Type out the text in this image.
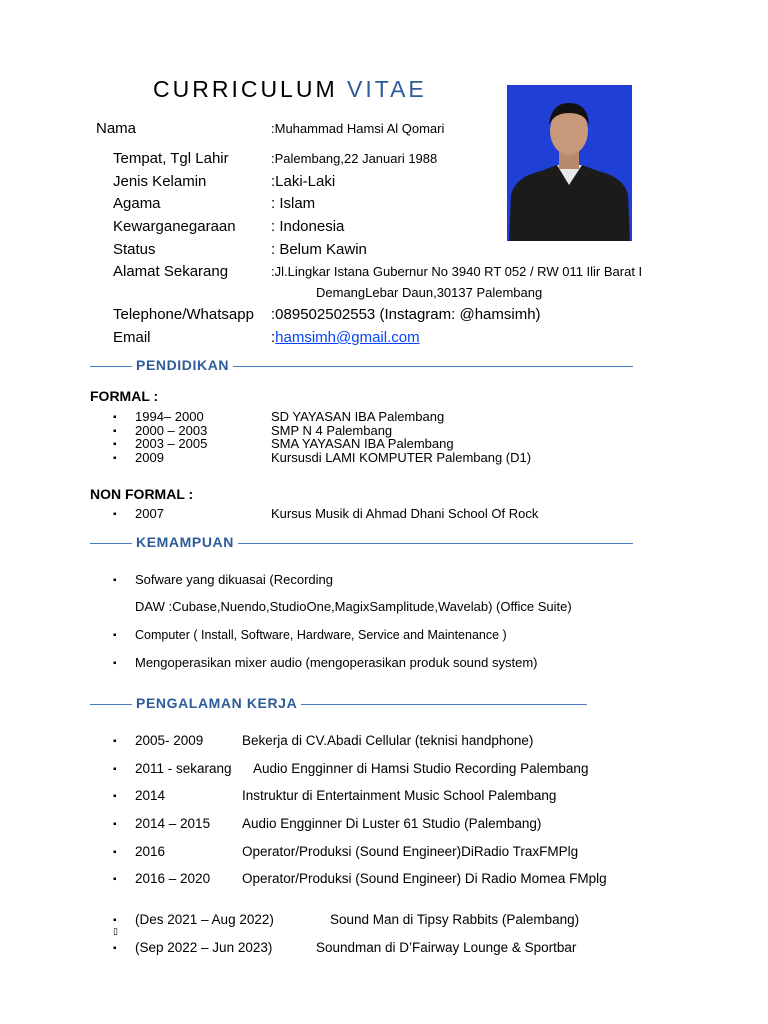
CURRICULUM VITAE
Nama	:Muhammad Hamsi Al Qomari
Tempat, Tgl Lahir	:Palembang,22 Januari 1988
Jenis Kelamin	:Laki-Laki
Agama	: Islam
Kewarganegaraan : Indonesia
Status	: Belum Kawin
Alamat Sekarang	:Jl.Lingkar Istana Gubernur No 3940 RT 052 / RW 011 Ilir Barat I
DemangLebar Daun,30137 Palembang
Telephone/Whatsapp :089502502553 (Instagram: @hamsimh)
Email	:hamsimh@gmail.com
PENDIDIKAN
FORMAL :
▪ 1994– 2000	SD YAYASAN IBA Palembang
▪ 2000 – 2003	SMP N 4 Palembang
▪ 2003 – 2005	SMA YAYASAN IBA Palembang
▪ 2009	Kursusdi LAMI KOMPUTER Palembang (D1)
NON FORMAL :
▪ 2007	Kursus Musik di Ahmad Dhani School Of Rock
KEMAMPUAN
▪ Sofware yang dikuasai (Recording
DAW :Cubase,Nuendo,StudioOne,MagixSamplitude,Wavelab) (Office Suite)
▪ Computer ( Install, Software, Hardware, Service and Maintenance )
▪ Mengoperasikan mixer audio (mengoperasikan produk sound system)
PENGALAMAN KERJA
▪ 2005- 2009	Bekerja di CV.Abadi Cellular (teknisi handphone)
▪ 2011 - sekarang Audio Engginner di Hamsi Studio Recording Palembang
▪ 2014	Instruktur di Entertainment Music School Palembang
▪ 2014 – 2015 Audio Engginner Di Luster 61 Studio (Palembang)
▪ 2016	Operator/Produksi (Sound Engineer)DiRadio TraxFMPlg
▪ 2016 – 2020 Operator/Produksi (Sound Engineer) Di Radio Momea FMplg
▪ (Des 2021 – Aug 2022)	Sound Man di Tipsy Rabbits (Palembang)
▯
▪ (Sep 2022 – Jun 2023)	Soundman di D’Fairway Lounge & Sportbar
